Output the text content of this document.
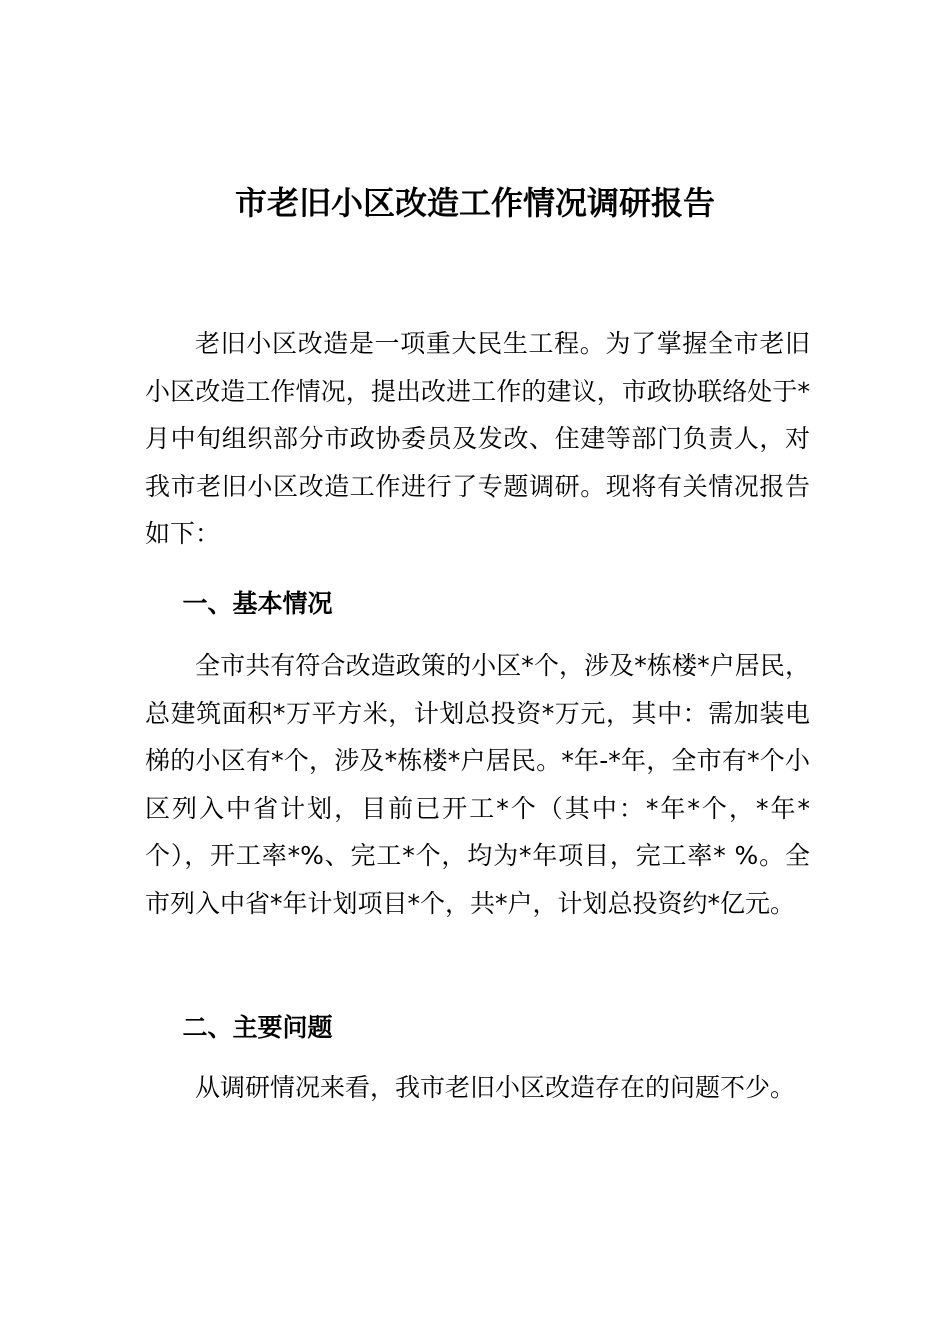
市老旧小区改造工作情况调研报告

老旧小区改造是一项重大民生工程。为了掌握全市老旧小区改造工作情况，提出改进工作的建议，市政协联络处于*月中旬组织部分市政协委员及发改、住建等部门负责人，对我市老旧小区改造工作进行了专题调研。现将有关情况报告如下：

一、基本情况

全市共有符合改造政策的小区*个，涉及*栋楼*户居民，总建筑面积*万平方米，计划总投资*万元，其中：需加装电梯的小区有*个，涉及*栋楼*户居民。*年-*年，全市有*个小区列入中省计划，目前已开工*个（其中：*年*个，*年*个），开工率*%、完工*个，均为*年项目，完工率* %。全市列入中省*年计划项目*个，共*户，计划总投资约*亿元。

二、主要问题

从调研情况来看，我市老旧小区改造存在的问题不少。
